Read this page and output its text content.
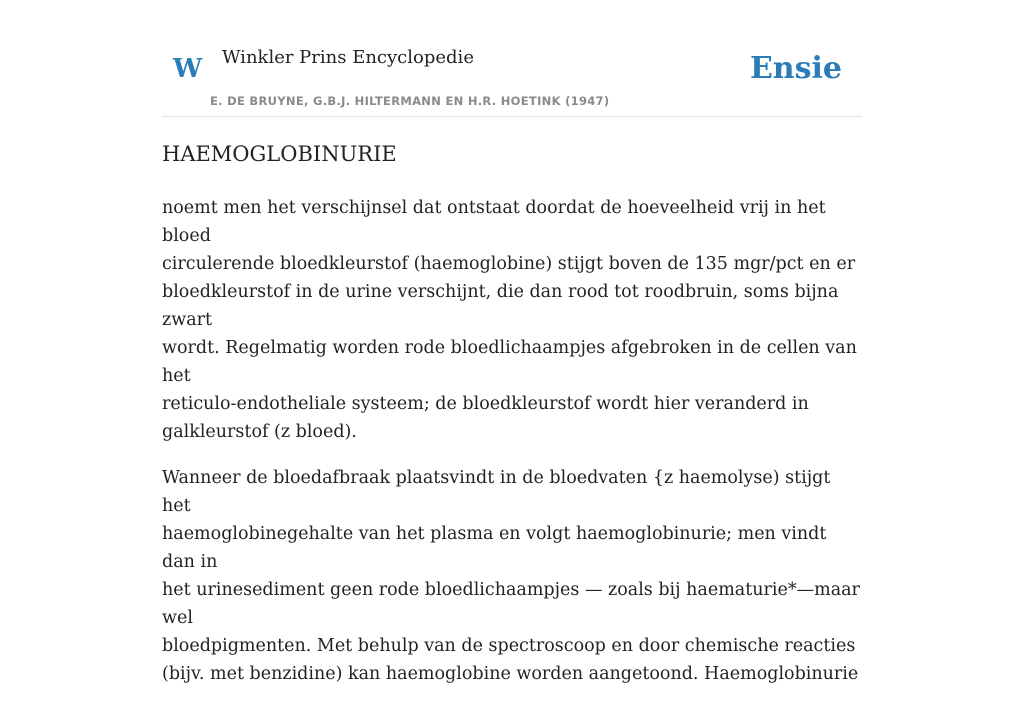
W Winkler Prins Encyclopedie
E. DE BRUYNE, G.B.J. HILTERMANN EN H.R. HOETINK (1947)
Ensie
HAEMOGLOBINURIE

noemt men het verschijnsel dat ontstaat doordat de hoeveelheid vrij in het bloed
circulerende bloedkleurstof (haemoglobine) stijgt boven de 135 mgr/pct en er
bloedkleurstof in de urine verschijnt, die dan rood tot roodbruin, soms bijna zwart
wordt. Regelmatig worden rode bloedlichaampjes afgebroken in de cellen van het
reticulo-endotheliale systeem; de bloedkleurstof wordt hier veranderd in
galkleurstof (z bloed).

Wanneer de bloedafbraak plaatsvindt in de bloedvaten {z haemolyse) stijgt het
haemoglobinegehalte van het plasma en volgt haemoglobinurie; men vindt dan in
het urinesediment geen rode bloedlichaampjes — zoals bij haematurie*—maar wel
bloedpigmenten. Met behulp van de spectroscoop en door chemische reacties
(bijv. met benzidine) kan haemoglobine worden aangetoond. Haemoglobinurie
